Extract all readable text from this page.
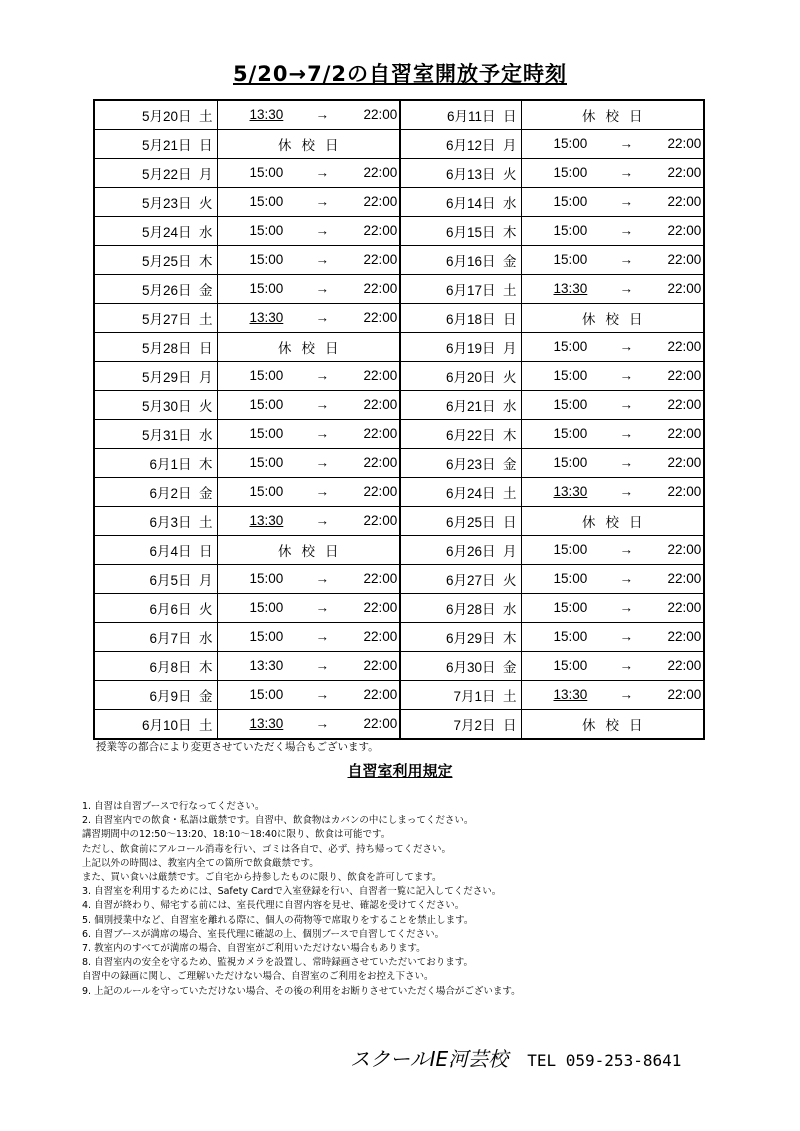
5/20→7/2の自習室開放予定時刻
5月20日 土	13:30 → 22:00	6月11日 日	休校日

5月21日 日	休校日	6月12日 月	15:00 → 22:00

5月22日 月	15:00 → 22:00	6月13日 火	15:00 → 22:00

5月23日 火	15:00 → 22:00	6月14日 水	15:00 → 22:00

5月24日 水	15:00 → 22:00	6月15日 木	15:00 → 22:00

5月25日 木	15:00 → 22:00	6月16日 金	15:00 → 22:00

5月26日 金	15:00 → 22:00	6月17日 土	13:30 → 22:00

5月27日 土	13:30 → 22:00	6月18日 日	休校日

5月28日 日	休校日	6月19日 月	15:00 → 22:00

5月29日 月	15:00 → 22:00	6月20日 火	15:00 → 22:00

5月30日 火	15:00 → 22:00	6月21日 水	15:00 → 22:00

5月31日 水	15:00 → 22:00	6月22日 木	15:00 → 22:00

6月1日 木	15:00 → 22:00	6月23日 金	15:00 → 22:00

6月2日 金	15:00 → 22:00	6月24日 土	13:30 → 22:00

6月3日 土	13:30 → 22:00	6月25日 日	休校日

6月4日 日	休校日	6月26日 月	15:00 → 22:00

6月5日 月	15:00 → 22:00	6月27日 火	15:00 → 22:00

6月6日 火	15:00 → 22:00	6月28日 水	15:00 → 22:00

6月7日 水	15:00 → 22:00	6月29日 木	15:00 → 22:00

6月8日 木	13:30 → 22:00	6月30日 金	15:00 → 22:00

6月9日 金	15:00 → 22:00	7月1日 土	13:30 → 22:00

6月10日 土	13:30 → 22:00	7月2日 日	休校日
授業等の都合により変更させていただく場合もございます。
自習室利用規定
1. 自習は自習ブースで行なってください。
2. 自習室内での飲食・私語は厳禁です。自習中、飲食物はカバンの中にしまってください。
講習期間中の12:50～13:20、18:10～18:40に限り、飲食は可能です。
ただし、飲食前にアルコール消毒を行い、ゴミは各自で、必ず、持ち帰ってください。
上記以外の時間は、教室内全ての箇所で飲食厳禁です。
また、買い食いは厳禁です。ご自宅から持参したものに限り、飲食を許可してます。
3. 自習室を利用するためには、Safety Cardで入室登録を行い、自習者一覧に記入してください。
4. 自習が終わり、帰宅する前には、室長代理に自習内容を見せ、確認を受けてください。
5. 個別授業中など、自習室を離れる際に、個人の荷物等で席取りをすることを禁止します。
6. 自習ブースが満席の場合、室長代理に確認の上、個別ブースで自習してください。
7. 教室内のすべてが満席の場合、自習室がご利用いただけない場合もあります。
8. 自習室内の安全を守るため、監視カメラを設置し、常時録画させていただいております。
自習中の録画に関し、ご理解いただけない場合、自習室のご利用をお控え下さい。
9. 上記のルールを守っていただけない場合、その後の利用をお断りさせていただく場合がございます。
スクールIE河芸校 TEL 059-253-8641
